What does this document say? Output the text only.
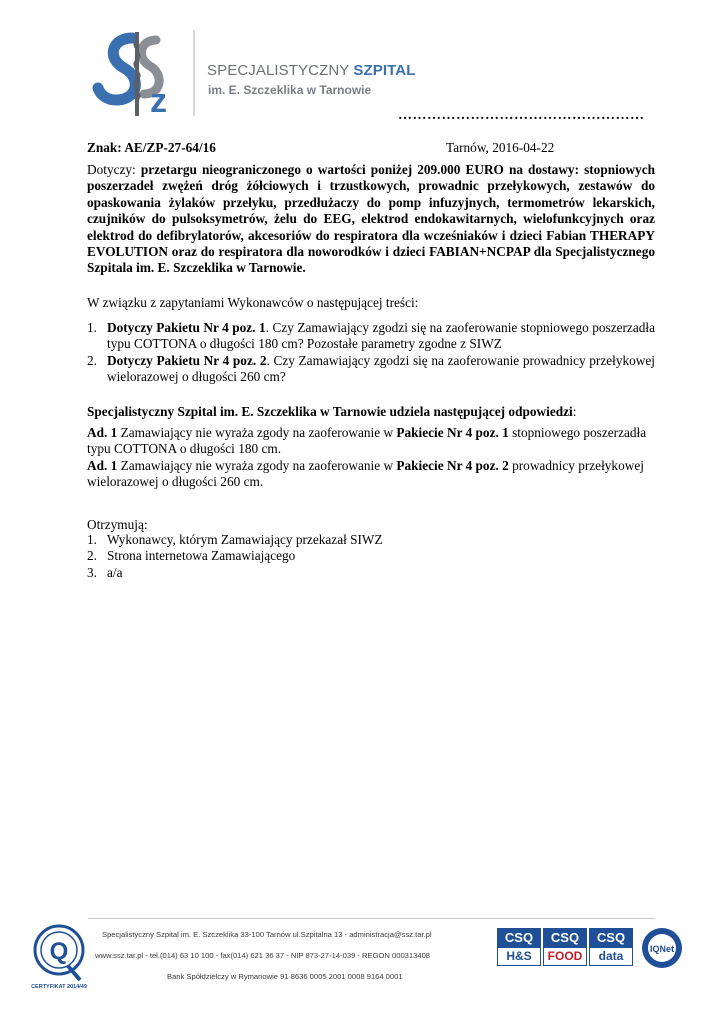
z
SPECJALISTYCZNY SZPITAL
im. E. Szczeklika w Tarnowie
……………………………………………
Znak: AE/ZP-27-64/16	Tarnów, 2016-04-22
Dotyczy: przetargu nieograniczonego o wartości poniżej 209.000 EURO na dostawy: stopniowych poszerzadeł zwężeń dróg żółciowych i trzustkowych, prowadnic przełykowych, zestawów do opaskowania żylaków przełyku, przedłużaczy do pomp infuzyjnych, termometrów lekarskich, czujników do pulsoksymetrów, żelu do EEG, elektrod endokawitarnych, wielofunkcyjnych oraz elektrod do defibrylatorów, akcesoriów do respiratora dla wcześniaków i dzieci Fabian THERAPY EVOLUTION oraz do respiratora dla noworodków i dzieci FABIAN+NCPAP dla Specjalistycznego Szpitala im. E. Szczeklika w Tarnowie.
W związku z zapytaniami Wykonawców o następującej treści:
1. Dotyczy Pakietu Nr 4 poz. 1. Czy Zamawiający zgodzi się na zaoferowanie stopniowego poszerzadła typu COTTONA o długości 180 cm? Pozostałe parametry zgodne z SIWZ
2. Dotyczy Pakietu Nr 4 poz. 2. Czy Zamawiający zgodzi się na zaoferowanie prowadnicy przełykowej wielorazowej o długości 260 cm?
Specjalistyczny Szpital im. E. Szczeklika w Tarnowie udziela następującej odpowiedzi:

Ad. 1 Zamawiający nie wyraża zgody na zaoferowanie w Pakiecie Nr 4 poz. 1 stopniowego poszerzadła typu COTTONA o długości 180 cm.

Ad. 1 Zamawiający nie wyraża zgody na zaoferowanie w Pakiecie Nr 4 poz. 2 prowadnicy przełykowej wielorazowej o długości 260 cm.

Otrzymują:
1. Wykonawcy, którym Zamawiający przekazał SIWZ
2. Strona internetowa Zamawiającego
3. a/a
Q
CERTYFIKAT 2014/49
Specjalistyczny Szpital im. E. Szczeklika 33-100 Tarnów ul.Szpitalna 13 - administracja@ssz.tar.pl
www.ssz.tar.pl - tel.(014) 63 10 100 - fax(014) 621 36 37 - NIP 873-27-14-039 - REGON 000313408
Bank Spółdzielczy w Rymanowie 91 8636 0005 2001 0008 9164 0001
CSQ
H&S
CSQ
FOOD
CSQ
data	IQNet
